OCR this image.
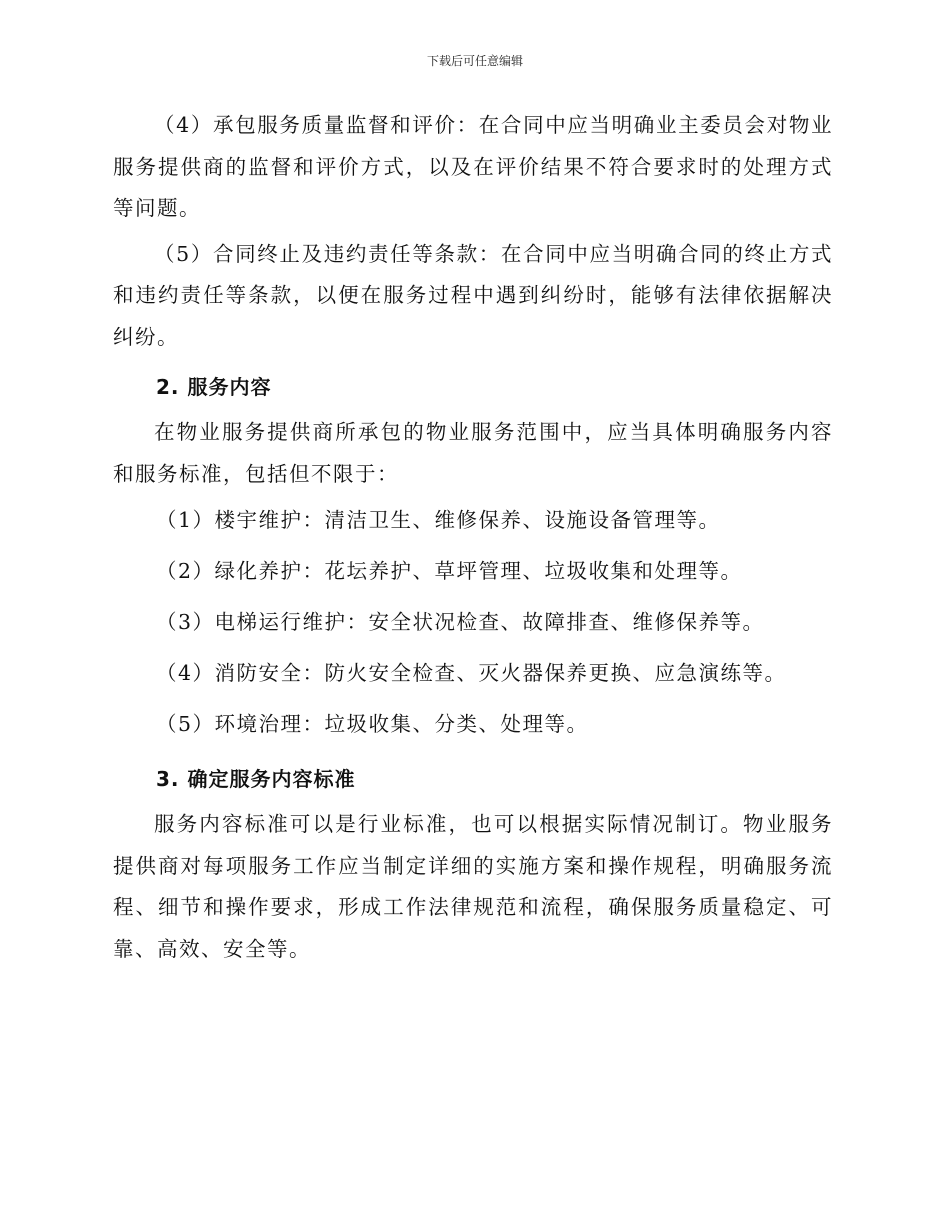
下载后可任意编辑

（4）承包服务质量监督和评价：在合同中应当明确业主委员会对物业服务提供商的监督和评价方式，以及在评价结果不符合要求时的处理方式等问题。

（5）合同终止及违约责任等条款：在合同中应当明确合同的终止方式和违约责任等条款，以便在服务过程中遇到纠纷时，能够有法律依据解决纠纷。

2. 服务内容

在物业服务提供商所承包的物业服务范围中，应当具体明确服务内容和服务标准，包括但不限于：

（1）楼宇维护：清洁卫生、维修保养、设施设备管理等。
（2）绿化养护：花坛养护、草坪管理、垃圾收集和处理等。
（3）电梯运行维护：安全状况检查、故障排查、维修保养等。
（4）消防安全：防火安全检查、灭火器保养更换、应急演练等。
（5）环境治理：垃圾收集、分类、处理等。
3. 确定服务内容标准

服务内容标准可以是行业标准，也可以根据实际情况制订。物业服务提供商对每项服务工作应当制定详细的实施方案和操作规程，明确服务流程、细节和操作要求，形成工作法律规范和流程，确保服务质量稳定、可靠、高效、安全等。
